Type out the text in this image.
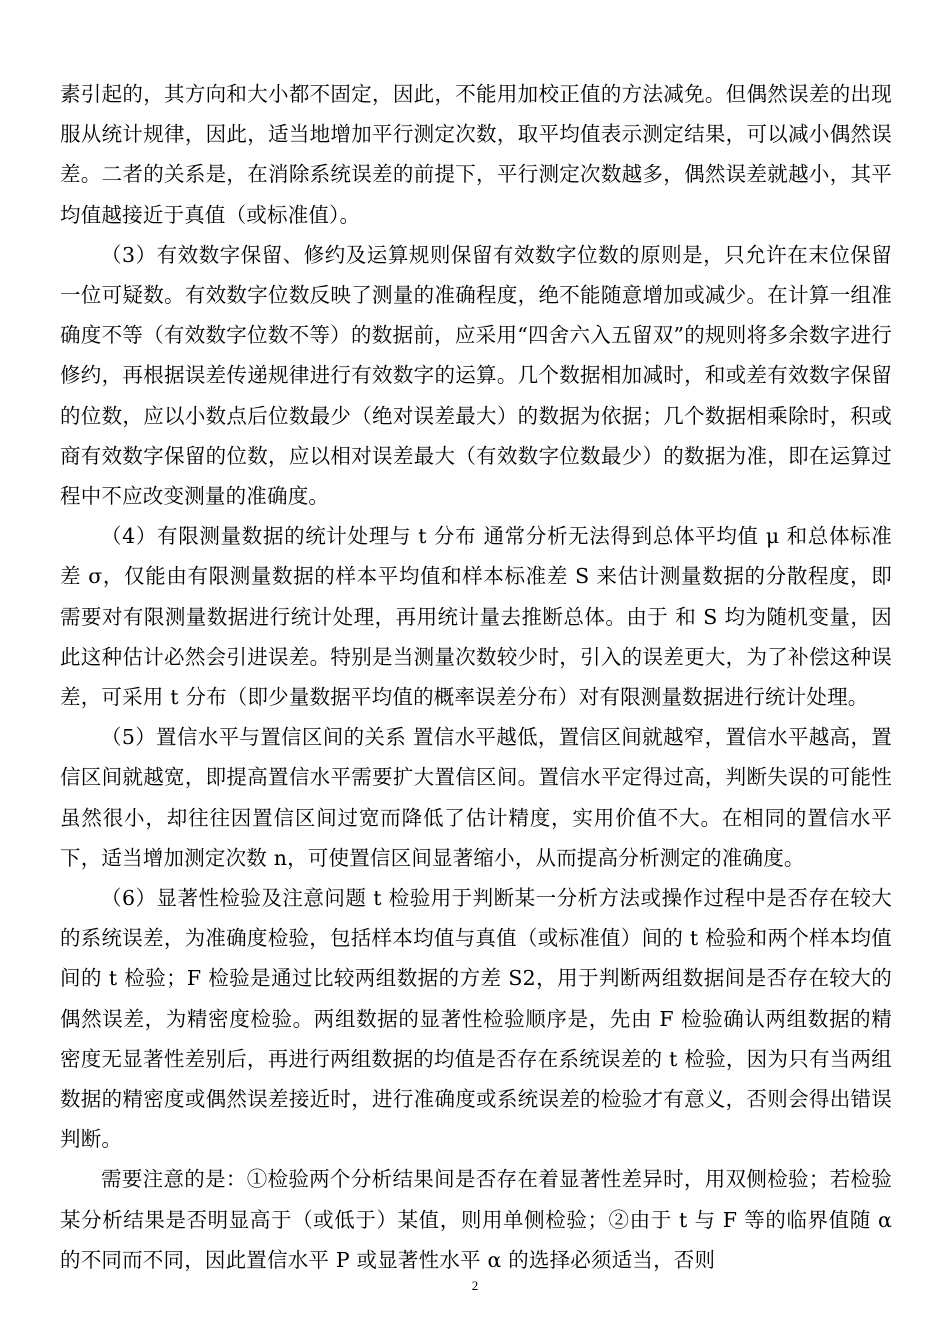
素引起的，其方向和大小都不固定，因此，不能用加校正值的方法减免。但偶然误差的出现服从统计规律，因此，适当地增加平行测定次数，取平均值表示测定结果，可以减小偶然误差。二者的关系是，在消除系统误差的前提下，平行测定次数越多，偶然误差就越小，其平均值越接近于真值（或标准值）。

（3）有效数字保留、修约及运算规则保留有效数字位数的原则是，只允许在末位保留一位可疑数。有效数字位数反映了测量的准确程度，绝不能随意增加或减少。在计算一组准确度不等（有效数字位数不等）的数据前，应采用“四舍六入五留双”的规则将多余数字进行修约，再根据误差传递规律进行有效数字的运算。几个数据相加减时，和或差有效数字保留的位数，应以小数点后位数最少（绝对误差最大）的数据为依据；几个数据相乘除时，积或商有效数字保留的位数，应以相对误差最大（有效数字位数最少）的数据为准，即在运算过程中不应改变测量的准确度。

（4）有限测量数据的统计处理与 t 分布 通常分析无法得到总体平均值 μ 和总体标准差 σ，仅能由有限测量数据的样本平均值和样本标准差 S 来估计测量数据的分散程度，即需要对有限测量数据进行统计处理，再用统计量去推断总体。由于 和 S 均为随机变量，因此这种估计必然会引进误差。特别是当测量次数较少时，引入的误差更大，为了补偿这种误差，可采用 t 分布（即少量数据平均值的概率误差分布）对有限测量数据进行统计处理。

（5）置信水平与置信区间的关系 置信水平越低，置信区间就越窄，置信水平越高，置信区间就越宽，即提高置信水平需要扩大置信区间。置信水平定得过高，判断失误的可能性虽然很小，却往往因置信区间过宽而降低了估计精度，实用价值不大。在相同的置信水平下，适当增加测定次数 n，可使置信区间显著缩小，从而提高分析测定的准确度。

（6）显著性检验及注意问题 t 检验用于判断某一分析方法或操作过程中是否存在较大的系统误差，为准确度检验，包括样本均值与真值（或标准值）间的 t 检验和两个样本均值间的 t 检验；F 检验是通过比较两组数据的方差 S2，用于判断两组数据间是否存在较大的偶然误差，为精密度检验。两组数据的显著性检验顺序是，先由 F 检验确认两组数据的精密度无显著性差别后，再进行两组数据的均值是否存在系统误差的 t 检验，因为只有当两组数据的精密度或偶然误差接近时，进行准确度或系统误差的检验才有意义，否则会得出错误判断。

需要注意的是：①检验两个分析结果间是否存在着显著性差异时，用双侧检验；若检验某分析结果是否明显高于（或低于）某值，则用单侧检验；②由于 t 与 F 等的临界值随 α 的不同而不同，因此置信水平 P 或显著性水平 α 的选择必须适当，否则

2
